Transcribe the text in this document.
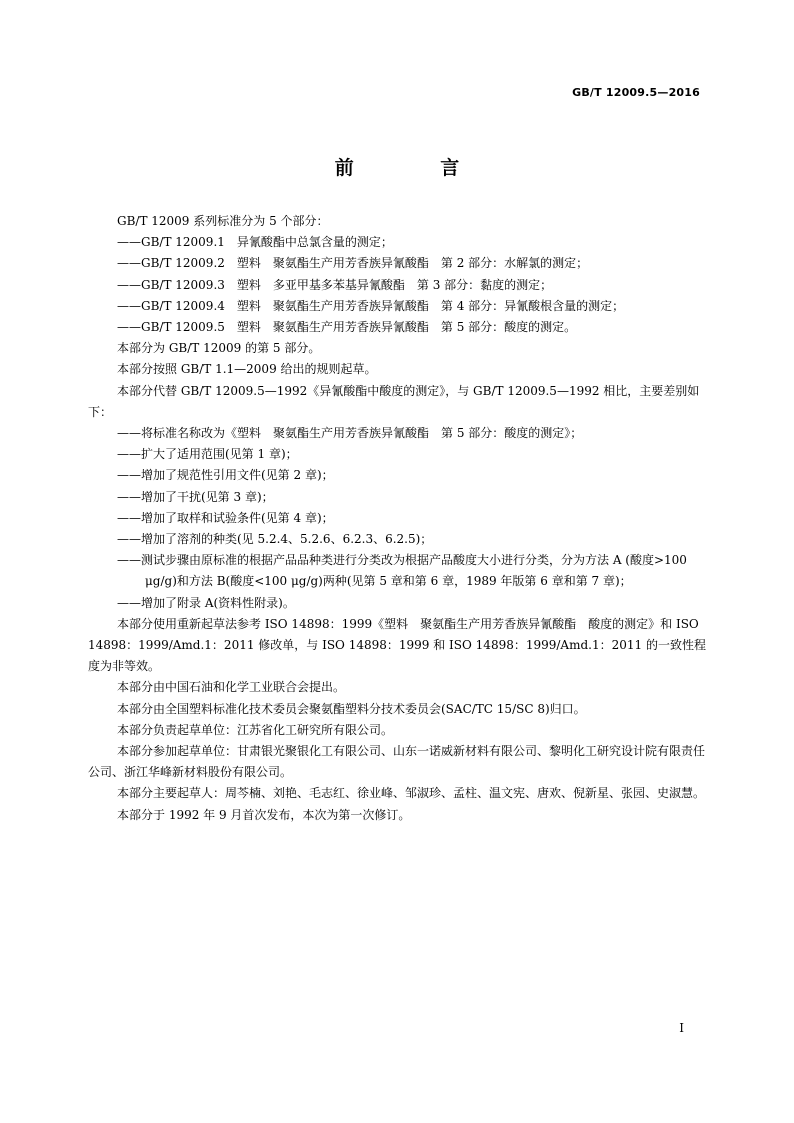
GB/T 12009.5—2016
前 言

GB/T 12009 系列标准分为 5 个部分：

——GB/T 12009.1　异氰酸酯中总氯含量的测定；

——GB/T 12009.2　塑料　聚氨酯生产用芳香族异氰酸酯　第 2 部分：水解氯的测定；

——GB/T 12009.3　塑料　多亚甲基多苯基异氰酸酯　第 3 部分：黏度的测定；

——GB/T 12009.4　塑料　聚氨酯生产用芳香族异氰酸酯　第 4 部分：异氰酸根含量的测定；

——GB/T 12009.5　塑料　聚氨酯生产用芳香族异氰酸酯　第 5 部分：酸度的测定。

本部分为 GB/T 12009 的第 5 部分。

本部分按照 GB/T 1.1—2009 给出的规则起草。

本部分代替 GB/T 12009.5—1992《异氰酸酯中酸度的测定》，与 GB/T 12009.5—1992 相比，主要差别如下：

——将标准名称改为《塑料　聚氨酯生产用芳香族异氰酸酯　第 5 部分：酸度的测定》；

——扩大了适用范围(见第 1 章)；

——增加了规范性引用文件(见第 2 章)；

——增加了干扰(见第 3 章)；

——增加了取样和试验条件(见第 4 章)；

——增加了溶剂的种类(见 5.2.4、5.2.6、6.2.3、6.2.5)；

——测试步骤由原标准的根据产品品种类进行分类改为根据产品酸度大小进行分类，分为方法 A (酸度>100 μg/g)和方法 B(酸度<100 μg/g)两种(见第 5 章和第 6 章，1989 年版第 6 章和第 7 章)；

——增加了附录 A(资料性附录)。

本部分使用重新起草法参考 ISO 14898：1999《塑料　聚氨酯生产用芳香族异氰酸酯　酸度的测定》和 ISO 14898：1999/Amd.1：2011 修改单，与 ISO 14898：1999 和 ISO 14898：1999/Amd.1：2011 的一致性程度为非等效。

本部分由中国石油和化学工业联合会提出。

本部分由全国塑料标准化技术委员会聚氨酯塑料分技术委员会(SAC/TC 15/SC 8)归口。

本部分负责起草单位：江苏省化工研究所有限公司。

本部分参加起草单位：甘肃银光聚银化工有限公司、山东一诺威新材料有限公司、黎明化工研究设计院有限责任公司、浙江华峰新材料股份有限公司。

本部分主要起草人：周芩楠、刘艳、毛志红、徐业峰、邹淑珍、孟柱、温文宪、唐欢、倪新星、张园、史淑慧。

本部分于 1992 年 9 月首次发布，本次为第一次修订。

I
